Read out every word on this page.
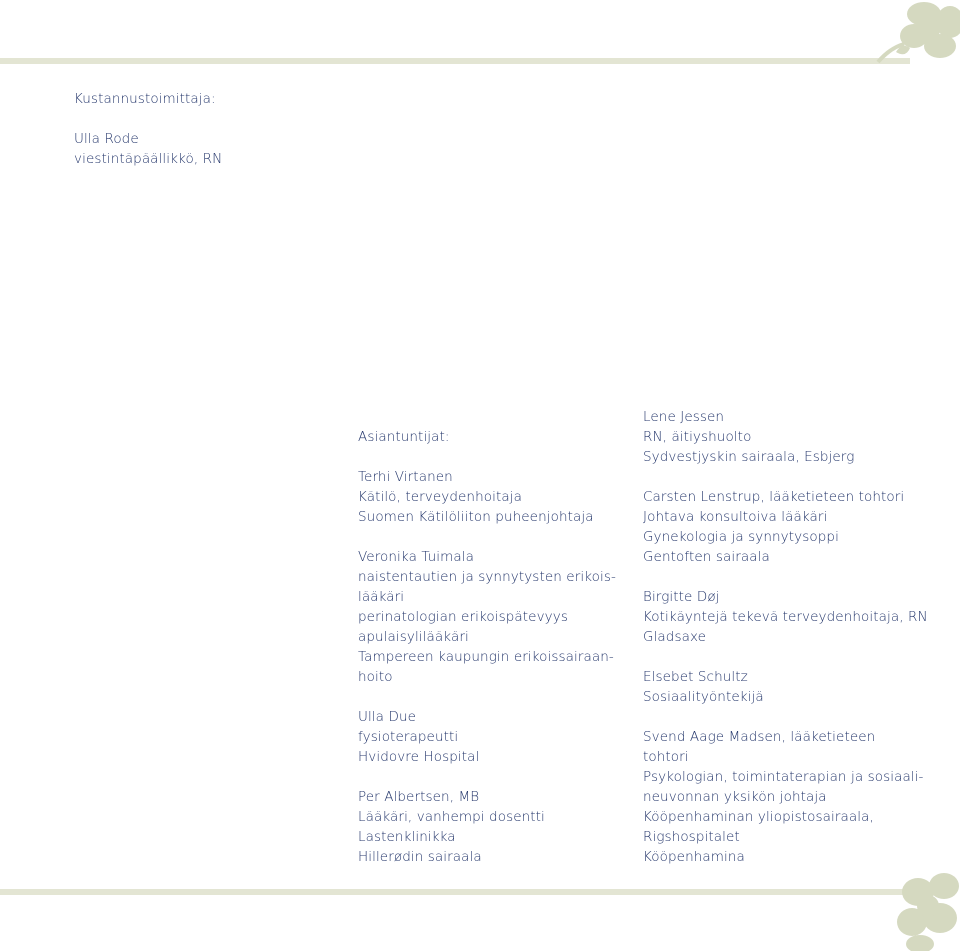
Kustannustoimittaja:

Ulla Rode
viestintäpäällikkö, RN

Asiantuntijat:

Terhi Virtanen
Kätilö, terveydenhoitaja
Suomen Kätilöliiton puheenjohtaja

Veronika Tuimala
naistentautien ja synnytysten erikois-
lääkäri
perinatologian erikoispätevyys
apulaisylilääkäri
Tampereen kaupungin erikoissairaan-
hoito

Ulla Due
fysioterapeutti
Hvidovre Hospital

Per Albertsen, MB
Lääkäri, vanhempi dosentti
Lastenklinikka
Hillerødin sairaala

Lene Jessen
RN, äitiyshuolto
Sydvestjyskin sairaala, Esbjerg

Carsten Lenstrup, lääketieteen tohtori
Johtava konsultoiva lääkäri
Gynekologia ja synnytysoppi
Gentoften sairaala

Birgitte Døj
Kotikäyntejä tekevä terveydenhoitaja, RN
Gladsaxe

Elsebet Schultz
Sosiaalityöntekijä

Svend Aage Madsen, lääketieteen
tohtori
Psykologian, toimintaterapian ja sosiaali-
neuvonnan yksikön johtaja
Kööpenhaminan yliopistosairaala,
Rigshospitalet
Kööpenhamina
